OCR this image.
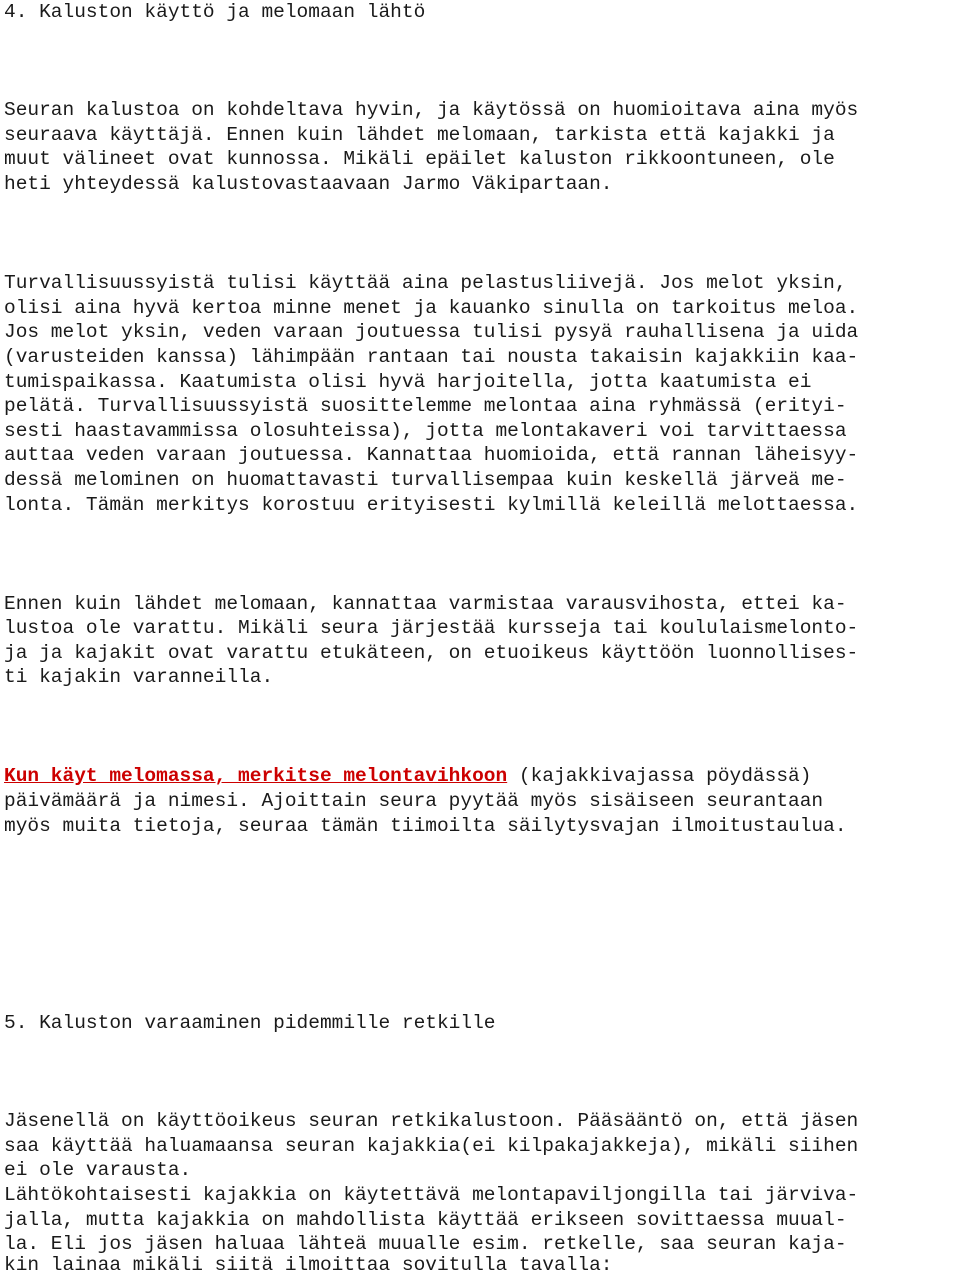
4. Kaluston käyttö ja melomaan lähtö
Seuran kalustoa on kohdeltava hyvin, ja käytössä on huomioitava aina myös
seuraava käyttäjä. Ennen kuin lähdet melomaan, tarkista että kajakki ja
muut välineet ovat kunnossa. Mikäli epäilet kaluston rikkoontuneen, ole
heti yhteydessä kalustovastaavaan Jarmo Väkipartaan.
Turvallisuussyistä tulisi käyttää aina pelastusliivejä. Jos melot yksin,
olisi aina hyvä kertoa minne menet ja kauanko sinulla on tarkoitus meloa.
Jos melot yksin, veden varaan joutuessa tulisi pysyä rauhallisena ja uida
(varusteiden kanssa) lähimpään rantaan tai nousta takaisin kajakkiin kaa-
tumispaikassa. Kaatumista olisi hyvä harjoitella, jotta kaatumista ei
pelätä. Turvallisuussyistä suosittelemme melontaa aina ryhmässä (erityi-
sesti haastavammissa olosuhteissa), jotta melontakaveri voi tarvittaessa
auttaa veden varaan joutuessa. Kannattaa huomioida, että rannan läheisyy-
dessä melominen on huomattavasti turvallisempaa kuin keskellä järveä me-
lonta. Tämän merkitys korostuu erityisesti kylmillä keleillä melottaessa.
Ennen kuin lähdet melomaan, kannattaa varmistaa varausvihosta, ettei ka-
lustoa ole varattu. Mikäli seura järjestää kursseja tai koululaismelonto-
ja ja kajakit ovat varattu etukäteen, on etuoikeus käyttöön luonnollises-
ti kajakin varanneilla.
Kun käyt melomassa, merkitse melontavihkoon (kajakkivajassa pöydässä)
päivämäärä ja nimesi. Ajoittain seura pyytää myös sisäiseen seurantaan
myös muita tietoja, seuraa tämän tiimoilta säilytysvajan ilmoitustaulua.
5. Kaluston varaaminen pidemmille retkille
Jäsenellä on käyttöoikeus seuran retkikalustoon. Pääsääntö on, että jäsen
saa käyttää haluamaansa seuran kajakkia(ei kilpakajakkeja), mikäli siihen
ei ole varausta.
Lähtökohtaisesti kajakkia on käytettävä melontapaviljongilla tai järviva-
jalla, mutta kajakkia on mahdollista käyttää erikseen sovittaessa muual-
la. Eli jos jäsen haluaa lähteä muualle esim. retkelle, saa seuran kaja-
kin lainaa mikäli siitä ilmoittaa sovitulla tavalla:
